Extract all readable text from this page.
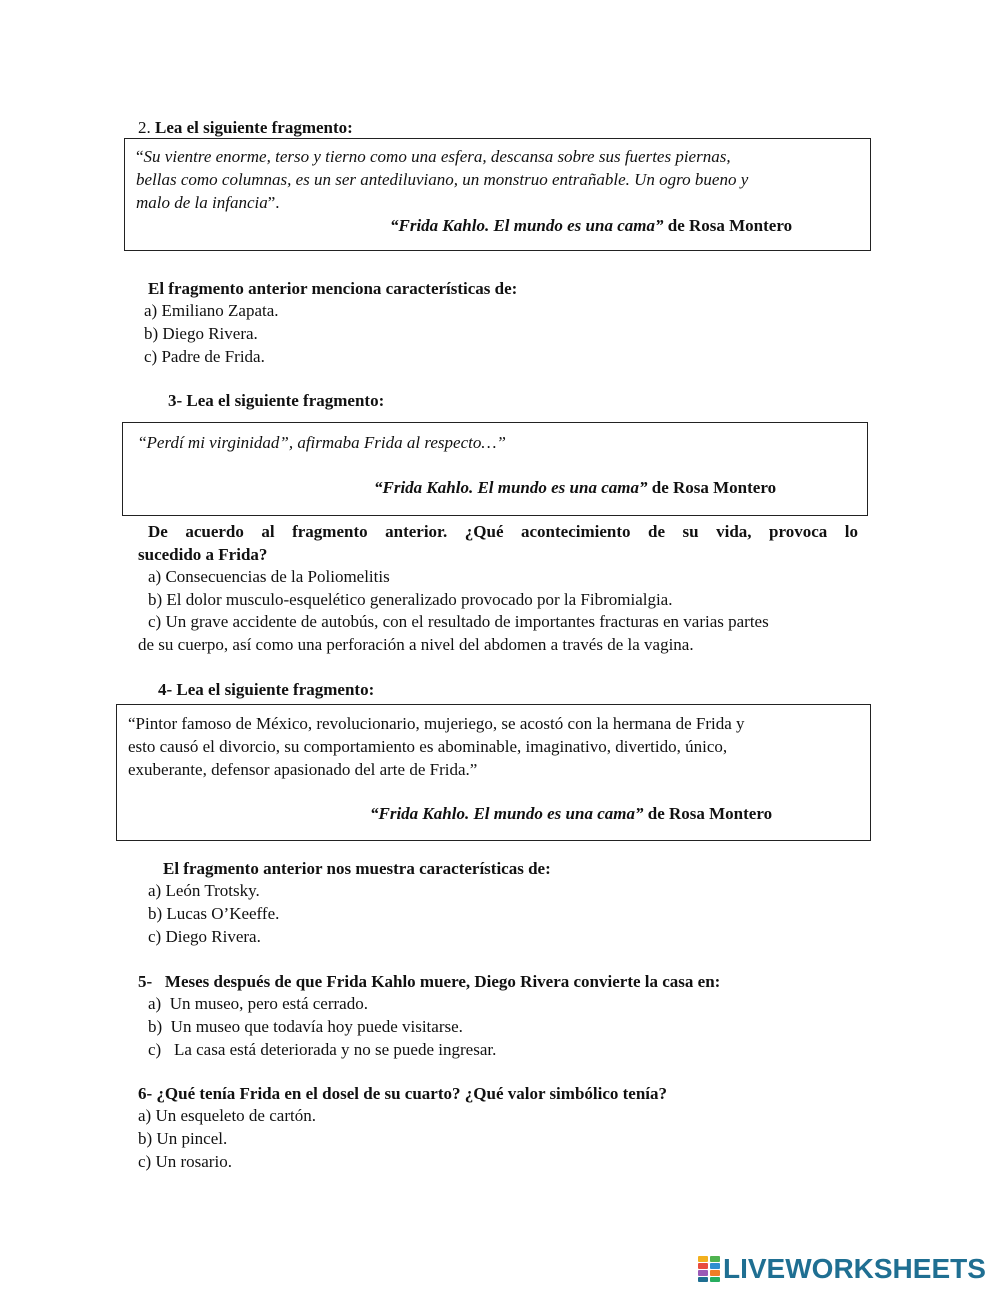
2. Lea el siguiente fragmento:
“Su vientre enorme, terso y tierno como una esfera, descansa sobre sus fuertes piernas,
bellas como columnas, es un ser antediluviano, un monstruo entrañable. Un ogro bueno y
malo de la infancia”.
“Frida Kahlo. El mundo es una cama” de Rosa Montero
El fragmento anterior menciona características de:
a) Emiliano Zapata.
b) Diego Rivera.
c) Padre de Frida.
3- Lea el siguiente fragmento:
“Perdí mi virginidad”, afirmaba Frida al respecto…”
“Frida Kahlo. El mundo es una cama” de Rosa Montero
De acuerdo al fragmento anterior. ¿Qué acontecimiento de su vida, provoca lo
sucedido a Frida?
a) Consecuencias de la Poliomelitis
b) El dolor musculo-esquelético generalizado provocado por la Fibromialgia.
c) Un grave accidente de autobús, con el resultado de importantes fracturas en varias partes
de su cuerpo, así como una perforación a nivel del abdomen a través de la vagina.
4- Lea el siguiente fragmento:
“Pintor famoso de México, revolucionario, mujeriego, se acostó con la hermana de Frida y
esto causó el divorcio, su comportamiento es abominable, imaginativo, divertido, único,
exuberante, defensor apasionado del arte de Frida.”
“Frida Kahlo. El mundo es una cama” de Rosa Montero
El fragmento anterior nos muestra características de:
a) León Trotsky.
b) Lucas O’Keeffe.
c) Diego Rivera.
5-   Meses después de que Frida Kahlo muere, Diego Rivera convierte la casa en:
a)  Un museo, pero está cerrado.
b)  Un museo que todavía hoy puede visitarse.
c)   La casa está deteriorada y no se puede ingresar.
6- ¿Qué tenía Frida en el dosel de su cuarto? ¿Qué valor simbólico tenía?
a) Un esqueleto de cartón.
b) Un pincel.
c) Un rosario.
LIVEWORKSHEETS
